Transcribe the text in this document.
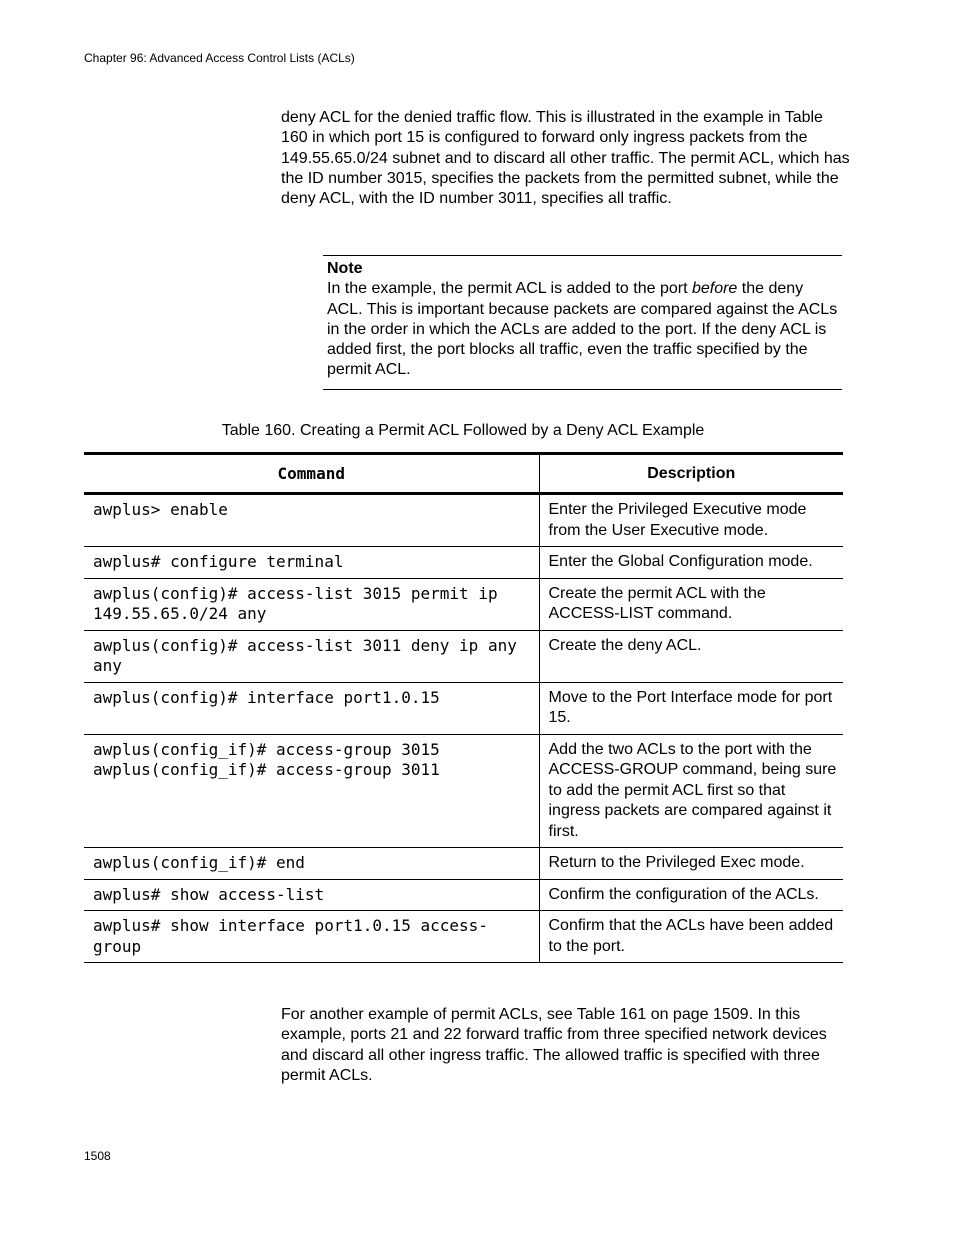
Chapter 96: Advanced Access Control Lists (ACLs)

deny ACL for the denied traffic flow. This is illustrated in the example in Table 160 in which port 15 is configured to forward only ingress packets from the 149.55.65.0/24 subnet and to discard all other traffic. The permit ACL, which has the ID number 3015, specifies the packets from the permitted subnet, while the deny ACL, with the ID number 3011, specifies all traffic.

Note
In the example, the permit ACL is added to the port before the deny ACL. This is important because packets are compared against the ACLs in the order in which the ACLs are added to the port. If the deny ACL is added first, the port blocks all traffic, even the traffic specified by the permit ACL.
Table 160. Creating a Permit ACL Followed by a Deny ACL Example
Command	Description
awplus> enable	Enter the Privileged Executive mode from the User Executive mode.
awplus# configure terminal	Enter the Global Configuration mode.
awplus(config)# access-list 3015 permit ip 149.55.65.0/24 any	Create the permit ACL with the ACCESS-LIST command.
awplus(config)# access-list 3011 deny ip any any	Create the deny ACL.
awplus(config)# interface port1.0.15	Move to the Port Interface mode for port 15.
awplus(config_if)# access-group 3015
awplus(config_if)# access-group 3011	Add the two ACLs to the port with the ACCESS-GROUP command, being sure to add the permit ACL first so that ingress packets are compared against it first.
awplus(config_if)# end	Return to the Privileged Exec mode.
awplus# show access-list	Confirm the configuration of the ACLs.
awplus# show interface port1.0.15 access-group	Confirm that the ACLs have been added to the port.

For another example of permit ACLs, see Table 161 on page 1509. In this example, ports 21 and 22 forward traffic from three specified network devices and discard all other ingress traffic. The allowed traffic is specified with three permit ACLs.

1508
